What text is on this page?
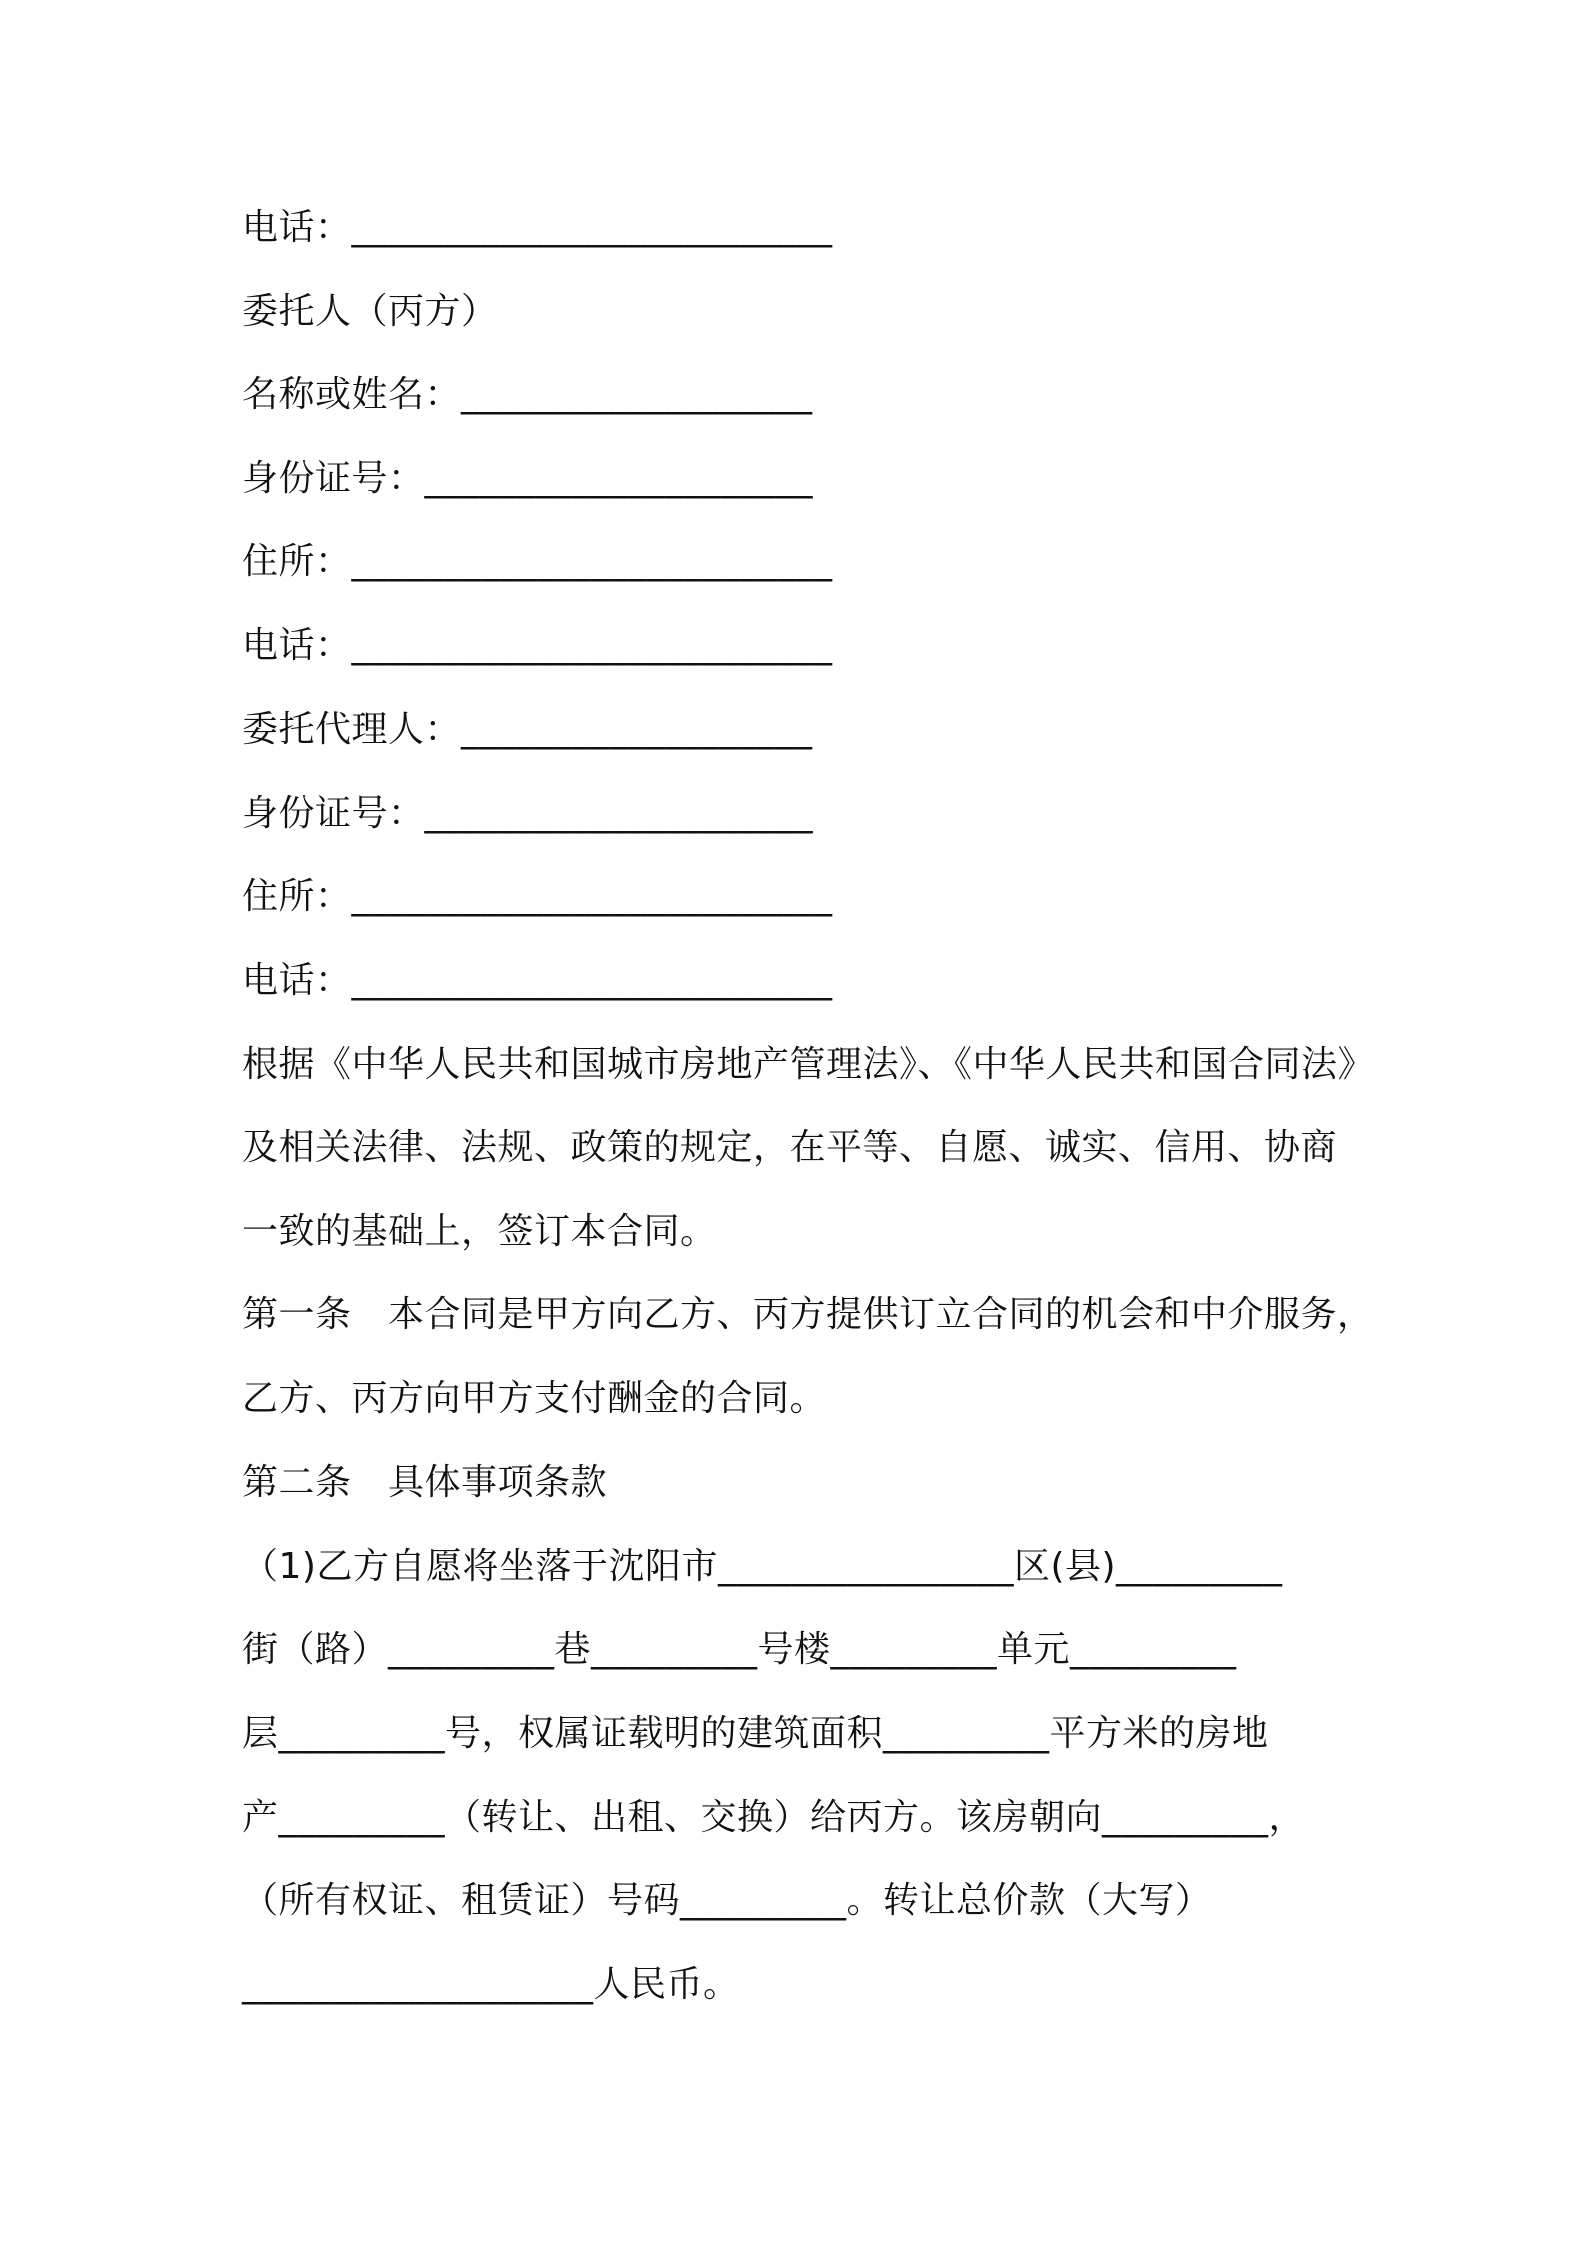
电话：__________________________
委托人（丙方）
名称或姓名：___________________
身份证号：_____________________
住所：__________________________
电话：__________________________
委托代理人：___________________
身份证号：_____________________
住所：__________________________
电话：__________________________
根据《中华人民共和国城市房地产管理法》、《中华人民共和国合同法》
及相关法律、法规、政策的规定，在平等、自愿、诚实、信用、协商
一致的基础上，签订本合同。
第一条　本合同是甲方向乙方、丙方提供订立合同的机会和中介服务，
乙方、丙方向甲方支付酬金的合同。
第二条　具体事项条款
（1)乙方自愿将坐落于沈阳市________________区(县)_________
街（路）_________巷_________号楼_________单元_________
层_________号，权属证载明的建筑面积_________平方米的房地
产_________（转让、出租、交换）给丙方。该房朝向_________，
（所有权证、租赁证）号码_________。转让总价款（大写）
___________________人民币。
